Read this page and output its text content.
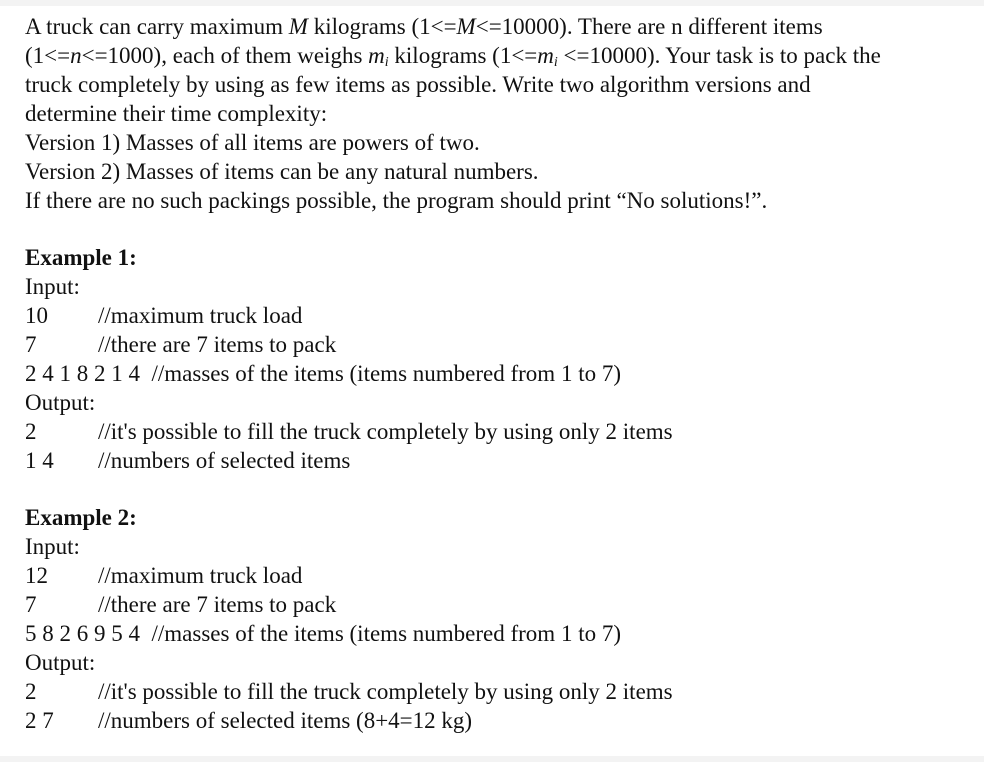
A truck can carry maximum M kilograms (1<=M<=10000). There are n different items
(1<=n<=1000), each of them weighs $m_i$ kilograms $(1<=m_i <=10000)$. Your task is to pack the
truck completely by using as few items as possible. Write two algorithm versions and
determine their time complexity:
Version 1) Masses of all items are powers of two.
Version 2) Masses of items can be any natural numbers.
If there are no such packings possible, the program should print “No solutions!”.
Example 1:
Input:
10 //maximum truck load
7	//there are 7 items to pack
2 4 1 8 2 1 4 //masses of the items (items numbered from 1 to 7)
Output:
2	//it's possible to fill the truck completely by using only 2 items
1 4 //numbers of selected items
Example 2:
Input:
12 //maximum truck load
7	//there are 7 items to pack
5 8 2 6 9 5 4 //masses of the items (items numbered from 1 to 7)
Output:
2	//it's possible to fill the truck completely by using only 2 items
2 7 //numbers of selected items (8+4=12 kg)
